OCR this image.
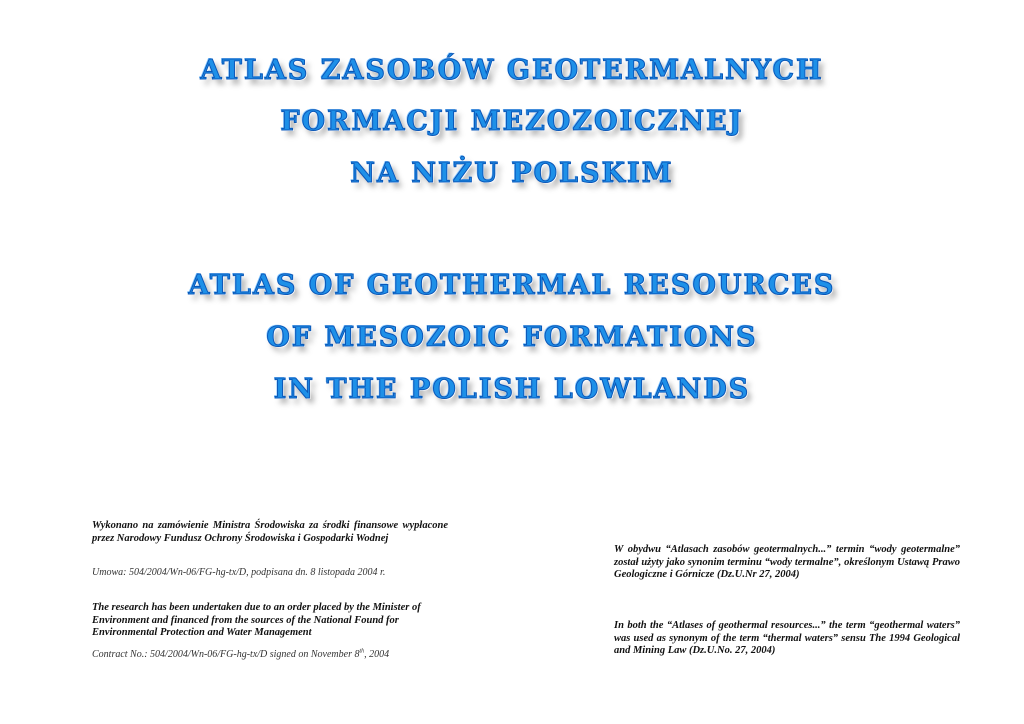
ATLAS ZASOBÓW GEOTERMALNYCH
FORMACJI MEZOZOICZNEJ
NA NIŻU POLSKIM
ATLAS OF GEOTHERMAL RESOURCES
OF MESOZOIC FORMATIONS
IN THE POLISH LOWLANDS
Wykonano na zamówienie Ministra Środowiska za środki finansowe wypłacone przez Narodowy Fundusz Ochrony Środowiska i Gospodarki Wodnej
Umowa: 504/2004/Wn-06/FG-hg-tx/D, podpisana dn. 8 listopada 2004 r.
The research has been undertaken due to an order placed by the Minister of Environment and financed from the sources of the National Found for Environmental Protection and Water Management
Contract No.: 504/2004/Wn-06/FG-hg-tx/D signed on November 8th, 2004
W obydwu “Atlasach zasobów geotermalnych...” termin “wody geotermalne” został użyty jako synonim terminu “wody termalne”, określonym Ustawą Prawo Geologiczne i Górnicze (Dz.U.Nr 27, 2004)
In both the “Atlases of geothermal resources...” the term “geothermal waters” was used as synonym of the term “thermal waters” sensu The 1994 Geological and Mining Law (Dz.U.No. 27, 2004)
